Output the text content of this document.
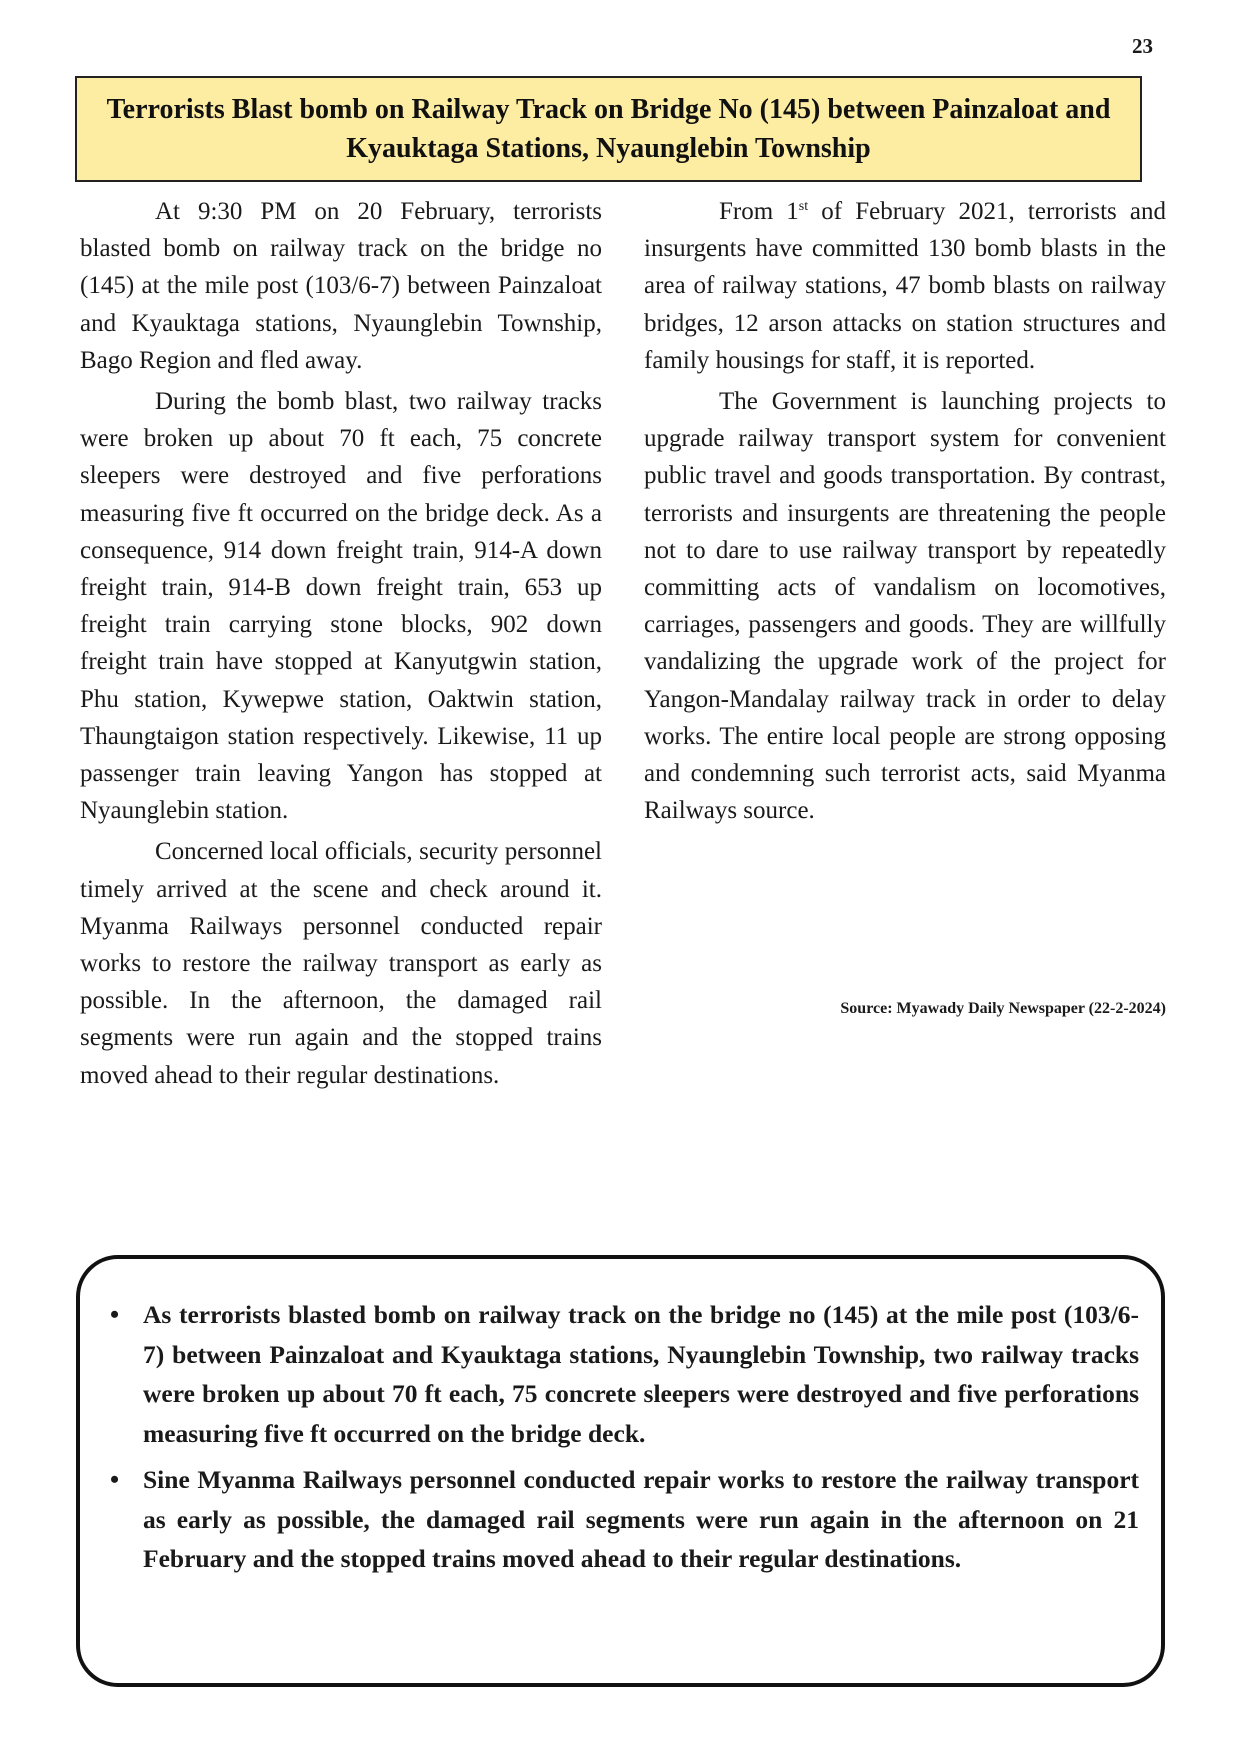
23
Terrorists Blast bomb on Railway Track on Bridge No (145) between Painzaloat and Kyauktaga Stations, Nyaunglebin Township

At 9:30 PM on 20 February, terrorists blasted bomb on railway track on the bridge no (145) at the mile post (103/6-7) between Painzaloat and Kyauktaga stations, Nyaunglebin Township, Bago Region and fled away.

During the bomb blast, two railway tracks were broken up about 70 ft each, 75 concrete sleepers were destroyed and five perforations measuring five ft occurred on the bridge deck. As a consequence, 914 down freight train, 914-A down freight train, 914-B down freight train, 653 up freight train carrying stone blocks, 902 down freight train have stopped at Kanyutgwin station, Phu station, Kywepwe station, Oaktwin station, Thaungtaigon station respectively. Likewise, 11 up passenger train leaving Yangon has stopped at Nyaunglebin station.

Concerned local officials, security personnel timely arrived at the scene and check around it. Myanma Railways personnel conducted repair works to restore the railway transport as early as possible. In the afternoon, the damaged rail segments were run again and the stopped trains moved ahead to their regular destinations.

From 1st of February 2021, terrorists and insurgents have committed 130 bomb blasts in the area of railway stations, 47 bomb blasts on railway bridges, 12 arson attacks on station structures and family housings for staff, it is reported.

The Government is launching projects to upgrade railway transport system for convenient public travel and goods transportation. By contrast, terrorists and insurgents are threatening the people not to dare to use railway transport by repeatedly committing acts of vandalism on locomotives, carriages, passengers and goods. They are willfully vandalizing the upgrade work of the project for Yangon-Mandalay railway track in order to delay works. The entire local people are strong opposing and condemning such terrorist acts, said Myanma Railways source.

Source: Myawady Daily Newspaper (22-2-2024)
• As terrorists blasted bomb on railway track on the bridge no (145) at the mile post (103/6-7) between Painzaloat and Kyauktaga stations, Nyaunglebin Township, two railway tracks were broken up about 70 ft each, 75 concrete sleepers were destroyed and five perforations measuring five ft occurred on the bridge deck.
• Sine Myanma Railways personnel conducted repair works to restore the railway transport as early as possible, the damaged rail segments were run again in the afternoon on 21 February and the stopped trains moved ahead to their regular destinations.
